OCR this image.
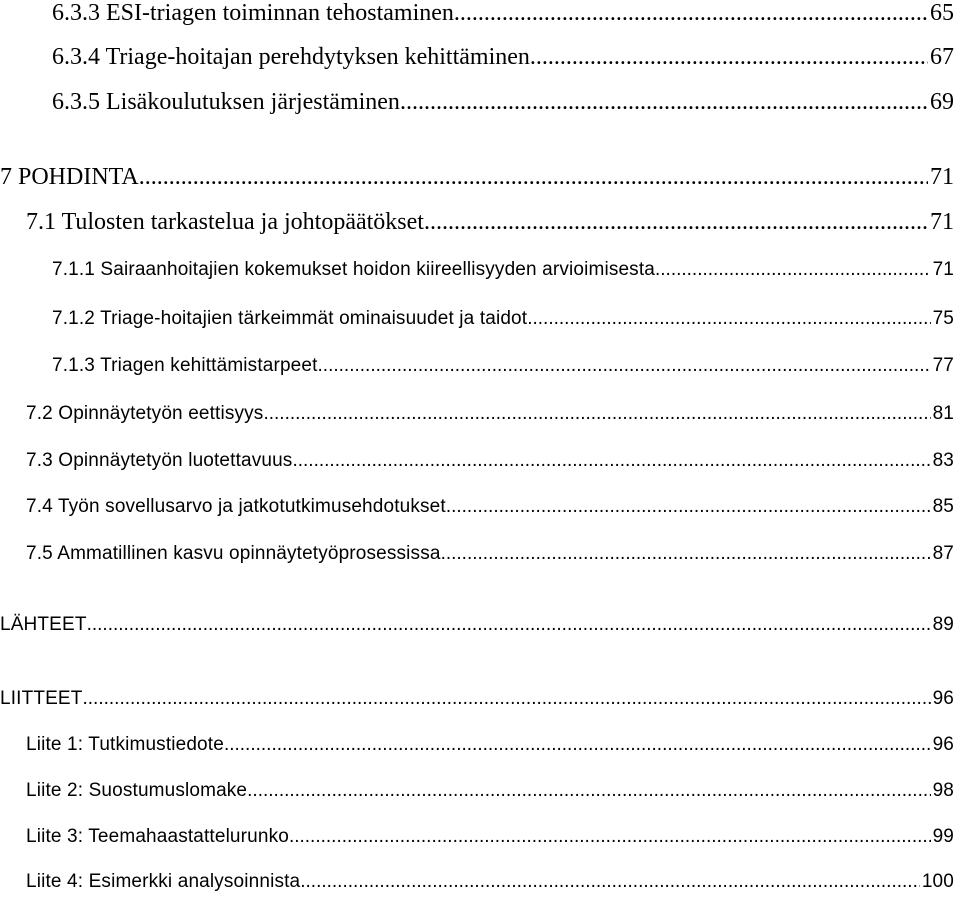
6.3.3 ESI-triagen toiminnan tehostaminen .....	65
6.3.4 Triage-hoitajan perehdytyksen kehittäminen .....	67
6.3.5 Lisäkoulutuksen järjestäminen .....	69
7 POHDINTA .....	71
7.1 Tulosten tarkastelua ja johtopäätökset .....	71
7.1.1 Sairaanhoitajien kokemukset hoidon kiireellisyyden arvioimisesta .....	71
7.1.2 Triage-hoitajien tärkeimmät ominaisuudet ja taidot .....	75
7.1.3 Triagen kehittämistarpeet .....	77
7.2 Opinnäytetyön eettisyys .....	81
7.3 Opinnäytetyön luotettavuus .....	83
7.4 Työn sovellusarvo ja jatkotutkimusehdotukset .....	85
7.5 Ammatillinen kasvu opinnäytetyöprosessissa .....	87
LÄHTEET .....	89
LIITTEET .....	96
Liite 1: Tutkimustiedote .....	96
Liite 2: Suostumuslomake .....	98
Liite 3: Teemahaastattelurunko .....	99
Liite 4: Esimerkki analysoinnista .....	100
